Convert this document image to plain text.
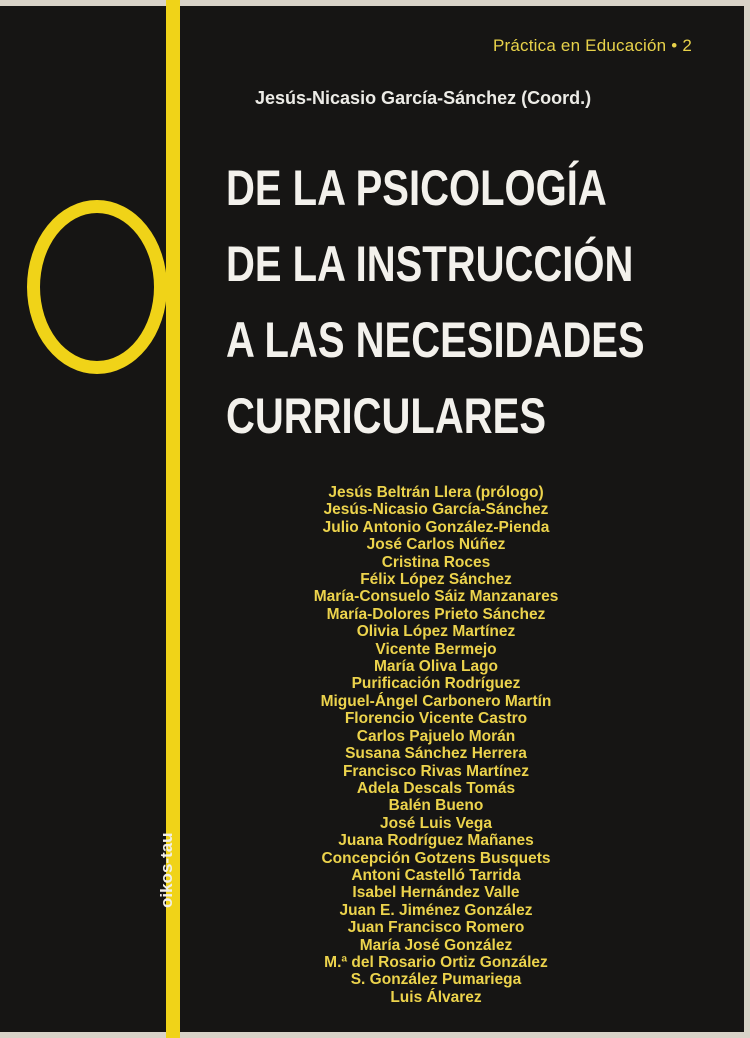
Práctica en Educación • 2
Jesús-Nicasio García-Sánchez (Coord.)
DE LA PSICOLOGÍA
DE LA INSTRUCCIÓN
A LAS NECESIDADES
CURRICULARES
Jesús Beltrán Llera (prólogo)
Jesús-Nicasio García-Sánchez
Julio Antonio González-Pienda
José Carlos Núñez
Cristina Roces
Félix López Sánchez
María-Consuelo Sáiz Manzanares
María-Dolores Prieto Sánchez
Olivia López Martínez
Vicente Bermejo
María Oliva Lago
Purificación Rodríguez
Miguel-Ángel Carbonero Martín
Florencio Vicente Castro
Carlos Pajuelo Morán
Susana Sánchez Herrera
Francisco Rivas Martínez
Adela Descals Tomás
Balén Bueno
José Luis Vega
Juana Rodríguez Mañanes
Concepción Gotzens Busquets
Antoni Castelló Tarrida
Isabel Hernández Valle
Juan E. Jiménez González
Juan Francisco Romero
María José González
M.ª del Rosario Ortiz González
S. González Pumariega
Luis Álvarez
oikos-tau
